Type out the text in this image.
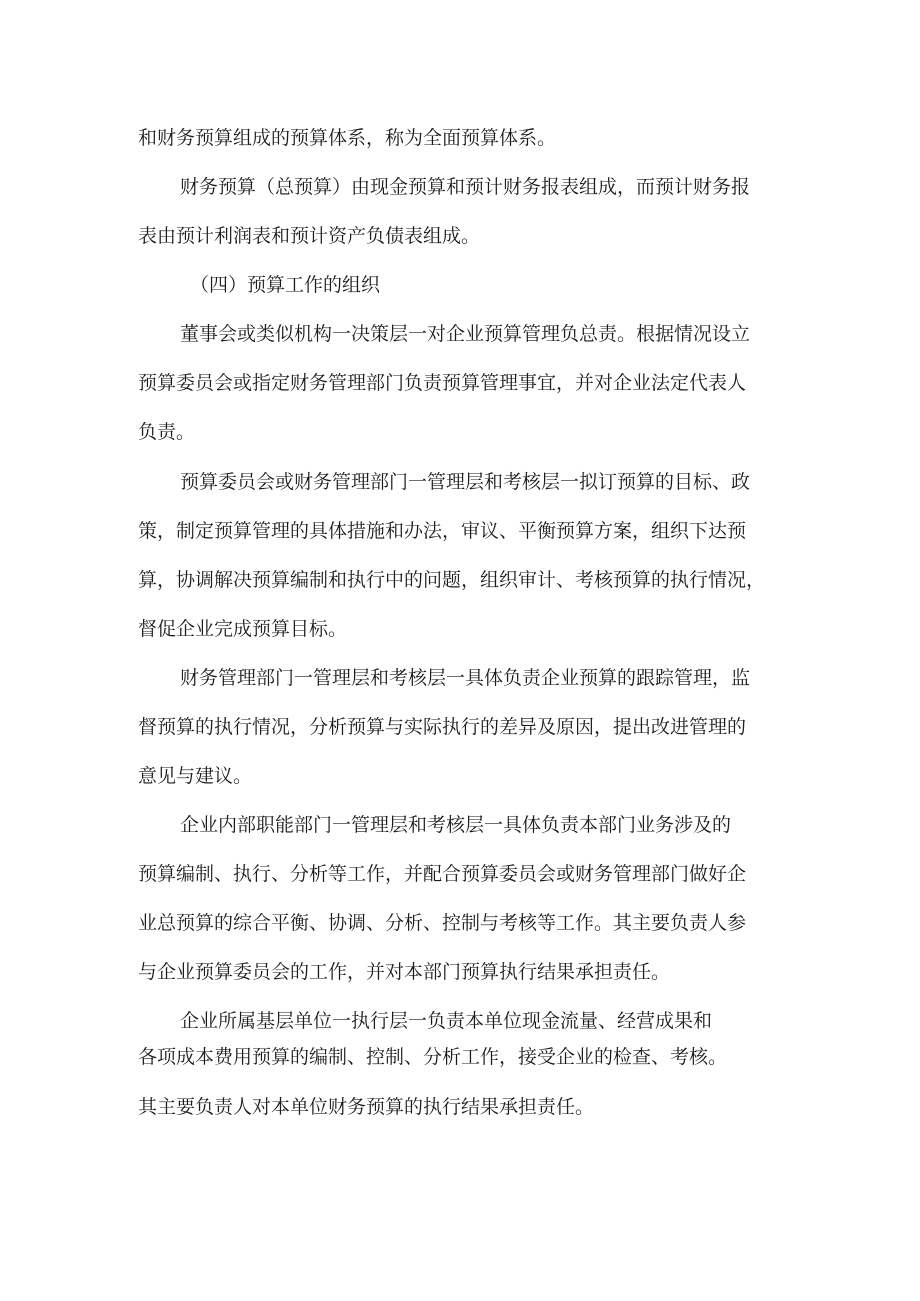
和财务预算组成的预算体系，称为全面预算体系。

财务预算（总预算）由现金预算和预计财务报表组成，而预计财务报

表由预计利润表和预计资产负债表组成。

（四）预算工作的组织

董事会或类似机构一决策层一对企业预算管理负总责。根据情况设立

预算委员会或指定财务管理部门负责预算管理事宜，并对企业法定代表人

负责。

预算委员会或财务管理部门一管理层和考核层一拟订预算的目标、政

策，制定预算管理的具体措施和办法，审议、平衡预算方案，组织下达预

算，协调解决预算编制和执行中的问题，组织审计、考核预算的执行情况，

督促企业完成预算目标。

财务管理部门一管理层和考核层一具体负责企业预算的跟踪管理，监

督预算的执行情况，分析预算与实际执行的差异及原因，提出改进管理的

意见与建议。

企业内部职能部门一管理层和考核层一具体负责本部门业务涉及的

预算编制、执行、分析等工作，并配合预算委员会或财务管理部门做好企

业总预算的综合平衡、协调、分析、控制与考核等工作。其主要负责人参

与企业预算委员会的工作，并对本部门预算执行结果承担责任。

企业所属基层单位一执行层一负责本单位现金流量、经营成果和

各项成本费用预算的编制、控制、分析工作，接受企业的检查、考核。

其主要负责人对本单位财务预算的执行结果承担责任。
